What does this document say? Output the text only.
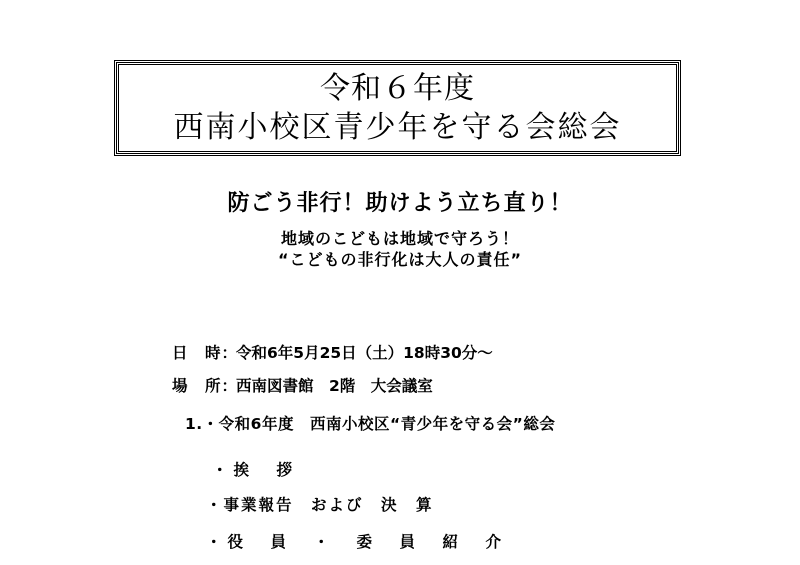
令和６年度
西南小校区青少年を守る会総会
防ごう非行！助けよう立ち直り！
地域のこどもは地域で守ろう！
“こどもの非行化は大人の責任”
日　時：令和6年5月25日（土）18時30分～
場　所：西南図書館　2階　大会議室
1.・令和6年度　西南小校区“青少年を守る会”総会
・挨　拶
・事業報告　および　決　算
・役　員　・　委　員　紹　介
